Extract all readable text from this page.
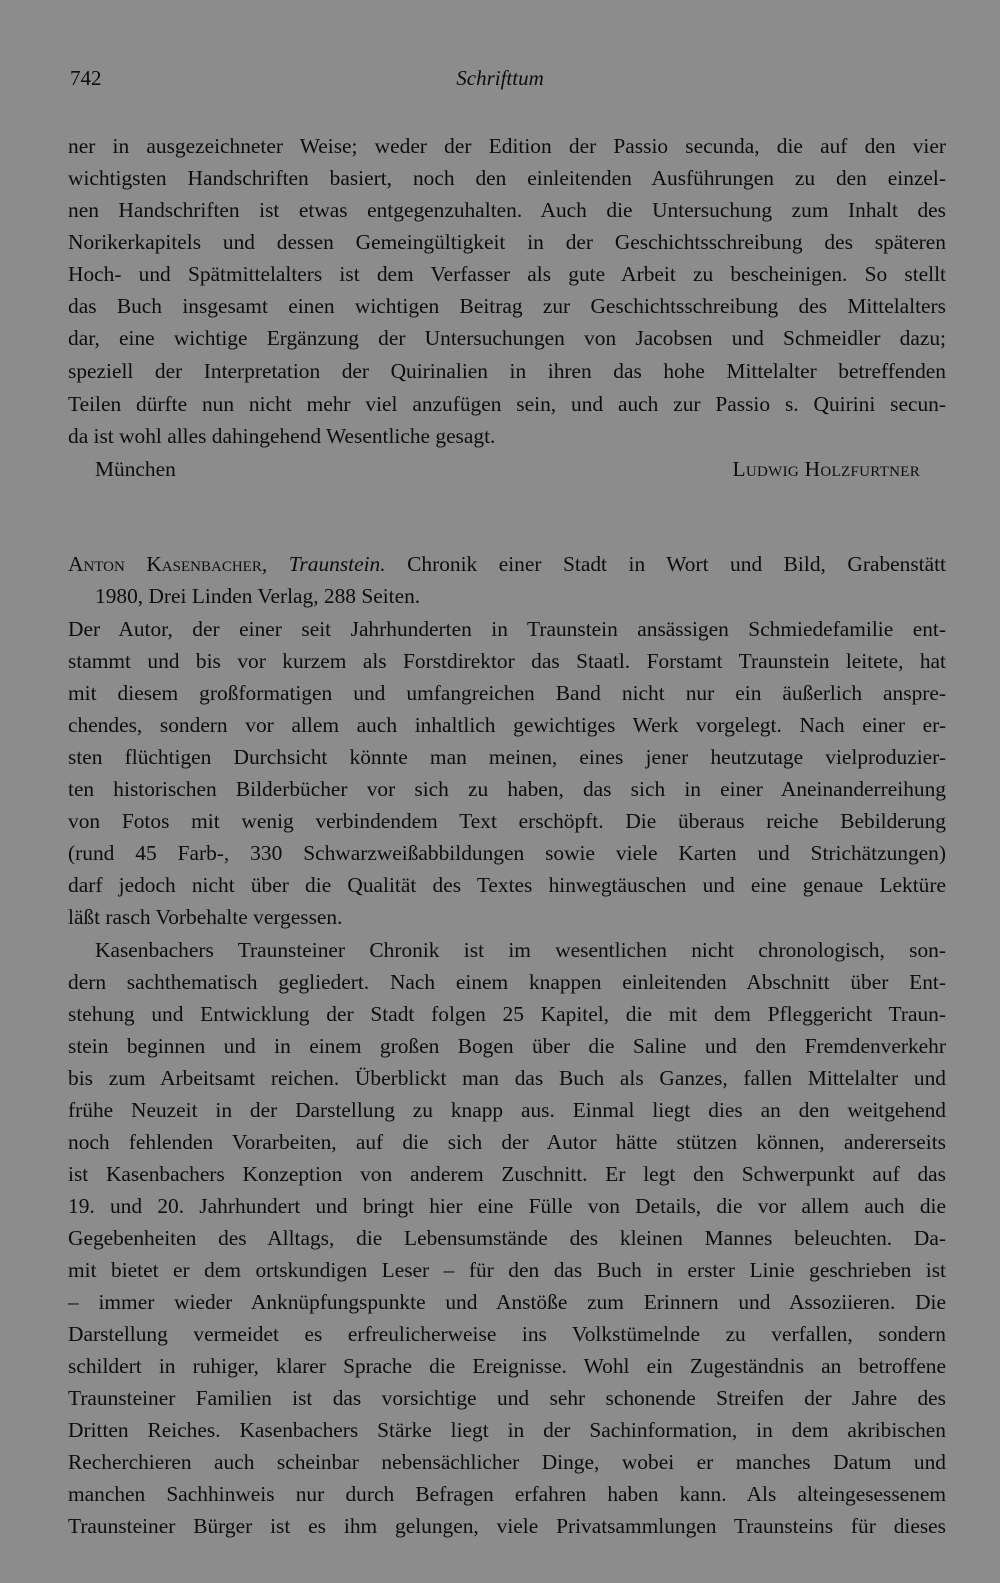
742	Schrifttum
ner in ausgezeichneter Weise; weder der Edition der Passio secunda, die auf den vier
wichtigsten Handschriften basiert, noch den einleitenden Ausführungen zu den einzel-
nen Handschriften ist etwas entgegenzuhalten. Auch die Untersuchung zum Inhalt des
Norikerkapitels und dessen Gemeingültigkeit in der Geschichtsschreibung des späteren
Hoch- und Spätmittelalters ist dem Verfasser als gute Arbeit zu bescheinigen. So stellt
das Buch insgesamt einen wichtigen Beitrag zur Geschichtsschreibung des Mittelalters
dar, eine wichtige Ergänzung der Untersuchungen von Jacobsen und Schmeidler dazu;
speziell der Interpretation der Quirinalien in ihren das hohe Mittelalter betreffenden
Teilen dürfte nun nicht mehr viel anzufügen sein, und auch zur Passio s. Quirini secun-
da ist wohl alles dahingehend Wesentliche gesagt.
München	Ludwig Holzfurtner
Anton Kasenbacher, Traunstein. Chronik einer Stadt in Wort und Bild, Grabenstätt
1980, Drei Linden Verlag, 288 Seiten.
Der Autor, der einer seit Jahrhunderten in Traunstein ansässigen Schmiedefamilie ent-
stammt und bis vor kurzem als Forstdirektor das Staatl. Forstamt Traunstein leitete, hat
mit diesem großformatigen und umfangreichen Band nicht nur ein äußerlich anspre-
chendes, sondern vor allem auch inhaltlich gewichtiges Werk vorgelegt. Nach einer er-
sten flüchtigen Durchsicht könnte man meinen, eines jener heutzutage vielproduzier-
ten historischen Bilderbücher vor sich zu haben, das sich in einer Aneinanderreihung
von Fotos mit wenig verbindendem Text erschöpft. Die überaus reiche Bebilderung
(rund 45 Farb-, 330 Schwarzweißabbildungen sowie viele Karten und Strichätzungen)
darf jedoch nicht über die Qualität des Textes hinwegtäuschen und eine genaue Lektüre
läßt rasch Vorbehalte vergessen.
Kasenbachers Traunsteiner Chronik ist im wesentlichen nicht chronologisch, son-
dern sachthematisch gegliedert. Nach einem knappen einleitenden Abschnitt über Ent-
stehung und Entwicklung der Stadt folgen 25 Kapitel, die mit dem Pfleggericht Traun-
stein beginnen und in einem großen Bogen über die Saline und den Fremdenverkehr
bis zum Arbeitsamt reichen. Überblickt man das Buch als Ganzes, fallen Mittelalter und
frühe Neuzeit in der Darstellung zu knapp aus. Einmal liegt dies an den weitgehend
noch fehlenden Vorarbeiten, auf die sich der Autor hätte stützen können, andererseits
ist Kasenbachers Konzeption von anderem Zuschnitt. Er legt den Schwerpunkt auf das
19. und 20. Jahrhundert und bringt hier eine Fülle von Details, die vor allem auch die
Gegebenheiten des Alltags, die Lebensumstände des kleinen Mannes beleuchten. Da-
mit bietet er dem ortskundigen Leser – für den das Buch in erster Linie geschrieben ist
– immer wieder Anknüpfungspunkte und Anstöße zum Erinnern und Assoziieren. Die
Darstellung vermeidet es erfreulicherweise ins Volkstümelnde zu verfallen, sondern
schildert in ruhiger, klarer Sprache die Ereignisse. Wohl ein Zugeständnis an betroffene
Traunsteiner Familien ist das vorsichtige und sehr schonende Streifen der Jahre des
Dritten Reiches. Kasenbachers Stärke liegt in der Sachinformation, in dem akribischen
Recherchieren auch scheinbar nebensächlicher Dinge, wobei er manches Datum und
manchen Sachhinweis nur durch Befragen erfahren haben kann. Als alteingesessenem
Traunsteiner Bürger ist es ihm gelungen, viele Privatsammlungen Traunsteins für dieses
